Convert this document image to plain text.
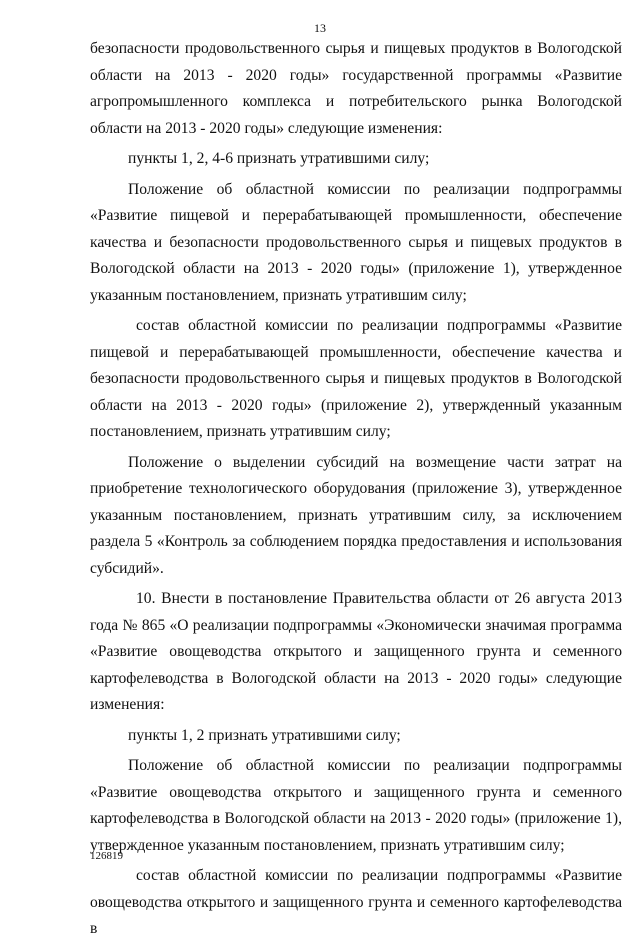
13

безопасности продовольственного сырья и пищевых продуктов в Вологодской области на 2013 - 2020 годы» государственной программы «Развитие агропромышленного комплекса и потребительского рынка Вологодской области на 2013 - 2020 годы» следующие изменения:

пункты 1, 2, 4-6 признать утратившими силу;

Положение об областной комиссии по реализации подпрограммы «Развитие пищевой и перерабатывающей промышленности, обеспечение качества и безопасности продовольственного сырья и пищевых продуктов в Вологодской области на 2013 - 2020 годы» (приложение 1), утвержденное указанным постановлением, признать утратившим силу;

состав областной комиссии по реализации подпрограммы «Развитие пищевой и перерабатывающей промышленности, обеспечение качества и безопасности продовольственного сырья и пищевых продуктов в Вологодской области на 2013 - 2020 годы» (приложение 2), утвержденный указанным постановлением, признать утратившим силу;

Положение о выделении субсидий на возмещение части затрат на приобретение технологического оборудования (приложение 3), утвержденное указанным постановлением, признать утратившим силу, за исключением раздела 5 «Контроль за соблюдением порядка предоставления и использования субсидий».

10. Внести в постановление Правительства области от 26 августа 2013 года № 865 «О реализации подпрограммы «Экономически значимая программа «Развитие овощеводства открытого и защищенного грунта и семенного картофелеводства в Вологодской области на 2013 - 2020 годы» следующие изменения:

пункты 1, 2 признать утратившими силу;

Положение об областной комиссии по реализации подпрограммы «Развитие овощеводства открытого и защищенного грунта и семенного картофелеводства в Вологодской области на 2013 - 2020 годы» (приложение 1), утвержденное указанным постановлением, признать утратившим силу;

состав областной комиссии по реализации подпрограммы «Развитие овощеводства открытого и защищенного грунта и семенного картофелеводства в

126819
